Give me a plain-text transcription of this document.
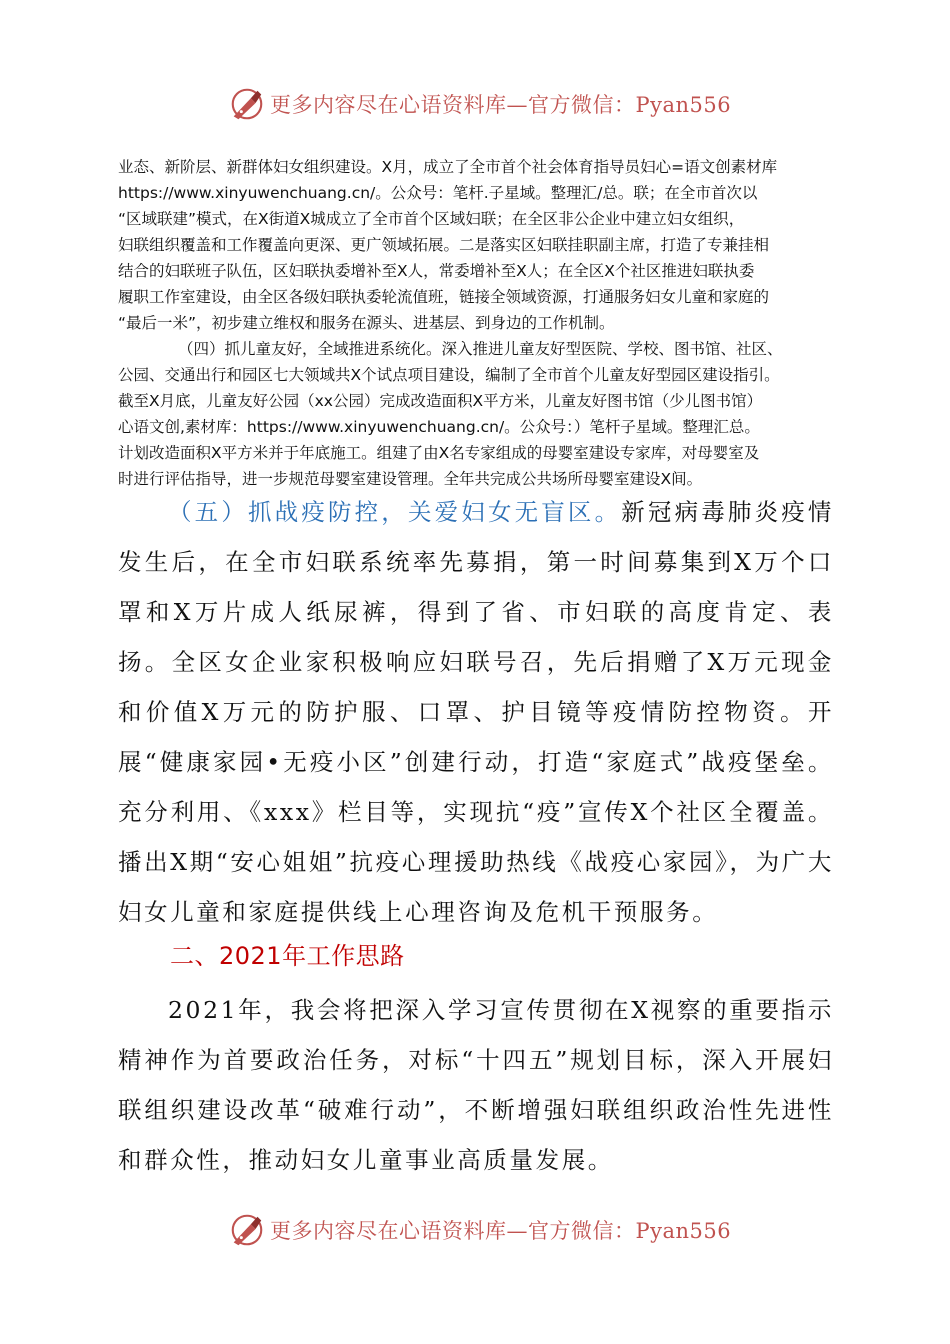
更多内容尽在心语资料库—官方微信：Pyan556

业态、新阶层、新群体妇女组织建设。X月，成立了全市首个社会体育指导员妇心=语文创素材库

https://www.xinyuwenchuang.cn/。公众号：笔杆.子星域。整理汇/总。联；在全市首次以

“区域联建”模式，在X街道X城成立了全市首个区域妇联；在全区非公企业中建立妇女组织，

妇联组织覆盖和工作覆盖向更深、更广领域拓展。二是落实区妇联挂职副主席，打造了专兼挂相

结合的妇联班子队伍，区妇联执委增补至X人，常委增补至X人；在全区X个社区推进妇联执委

履职工作室建设，由全区各级妇联执委轮流值班，链接全领域资源，打通服务妇女儿童和家庭的

“最后一米”，初步建立维权和服务在源头、进基层、到身边的工作机制。

（四）抓儿童友好，全域推进系统化。深入推进儿童友好型医院、学校、图书馆、社区、

公园、交通出行和园区七大领域共X个试点项目建设，编制了全市首个儿童友好型园区建设指引。

截至X月底，儿童友好公园（xx公园）完成改造面积X平方米，儿童友好图书馆（少儿图书馆）

心语文创,素材库：https://www.xinyuwenchuang.cn/。公众号：）笔杆子星域。整理汇总。

计划改造面积X平方米并于年底施工。组建了由X名专家组成的母婴室建设专家库，对母婴室及

时进行评估指导，进一步规范母婴室建设管理。全年共完成公共场所母婴室建设X间。

（五）抓战疫防控，关爱妇女无盲区。新冠病毒肺炎疫情发生后，在全市妇联系统率先募捐，第一时间募集到X万个口罩和X万片成人纸尿裤，得到了省、市妇联的高度肯定、表扬。全区女企业家积极响应妇联号召，先后捐赠了X万元现金和价值X万元的防护服、口罩、护目镜等疫情防控物资。开展“健康家园•无疫小区”创建行动，打造“家庭式”战疫堡垒。充分利用、《xxx》栏目等，实现抗“疫”宣传X个社区全覆盖。播出X期“安心姐姐”抗疫心理援助热线《战疫心家园》，为广大妇女儿童和家庭提供线上心理咨询及危机干预服务。

二、2021年工作思路

2021年，我会将把深入学习宣传贯彻在X视察的重要指示精神作为首要政治任务，对标“十四五”规划目标，深入开展妇联组织建设改革“破难行动”，不断增强妇联组织政治性先进性和群众性，推动妇女儿童事业高质量发展。

更多内容尽在心语资料库—官方微信：Pyan556
